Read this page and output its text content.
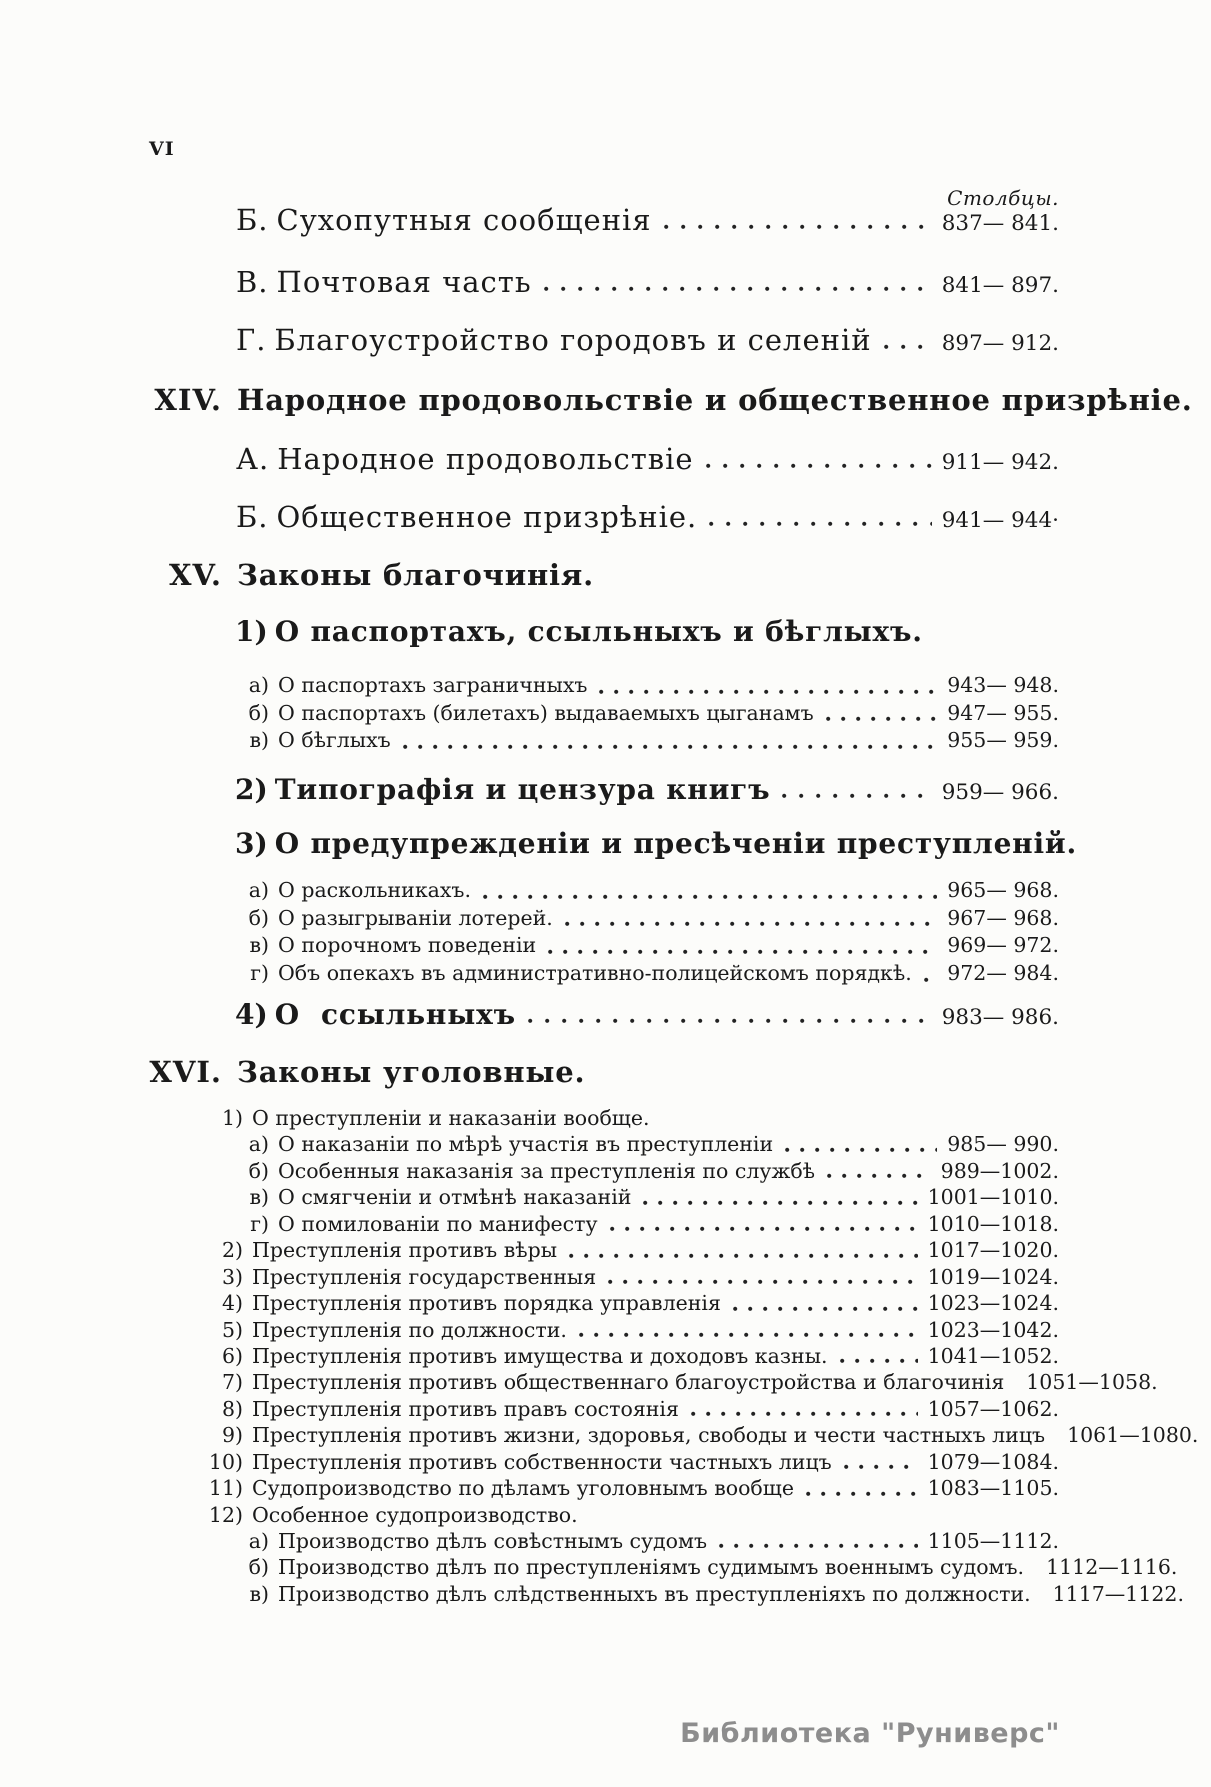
VI
Столбцы.
Б. Сухопутныя сообщенія	837— 841.
В. Почтовая часть	841— 897.
Г. Благоустройство городовъ и селеній	897— 912.
XIV. Народное продовольствіе и общественное призрѣніе.
А. Народное продовольствіе	911— 942.
Б. Общественное призрѣніе.	941— 944·
XV. Законы благочинія.
1) О паспортахъ, ссыльныхъ и бѣглыхъ.
а) О паспортахъ заграничныхъ	943— 948.
б) О паспортахъ (билетахъ) выдаваемыхъ цыганамъ	947— 955.
в) О бѣглыхъ	955— 959.
2) Типографія и цензура книгъ	959— 966.
3) О предупрежденіи и пресѣченіи преступленій.
а) О раскольникахъ.	965— 968.
б) О разыгрываніи лотерей.	967— 968.
в) О порочномъ поведеніи	969— 972.
г) Объ опекахъ въ административно-полицейскомъ порядкѣ. 972— 984.
4) О  ссыльныхъ	983— 986.
XVI. Законы уголовные.
1) О преступленіи и наказаніи вообще.
а) О наказаніи по мѣрѣ участія въ преступленіи	985— 990.
б) Особенныя наказанія за преступленія по службѣ	989—1002.
в) О смягченіи и отмѣнѣ наказаній	1001—1010.
г) О помилованіи по манифесту	1010—1018.
2) Преступленія противъ вѣры	1017—1020.
3) Преступленія государственныя	1019—1024.
4) Преступленія противъ порядка управленія	1023—1024.
5) Преступленія по должности.	1023—1042.
6) Преступленія противъ имущества и доходовъ казны.	1041—1052.
7) Преступленія противъ общественнаго благоустройства и благочинія 1051—1058.
8) Преступленія противъ правъ состоянія	1057—1062.
9) Преступленія противъ жизни, здоровья, свободы и чести частныхъ лицъ 1061—1080.
10) Преступленія противъ собственности частныхъ лицъ	1079—1084.
11) Судопроизводство по дѣламъ уголовнымъ вообще	1083—1105.
12) Особенное судопроизводство.
а) Производство дѣлъ совѣстнымъ судомъ	1105—1112.
б) Производство дѣлъ по преступленіямъ судимымъ военнымъ судомъ. 1112—1116.
в) Производство дѣлъ слѣдственныхъ въ преступленіяхъ по должности. 1117—1122.
Библиотека "Руниверс"
